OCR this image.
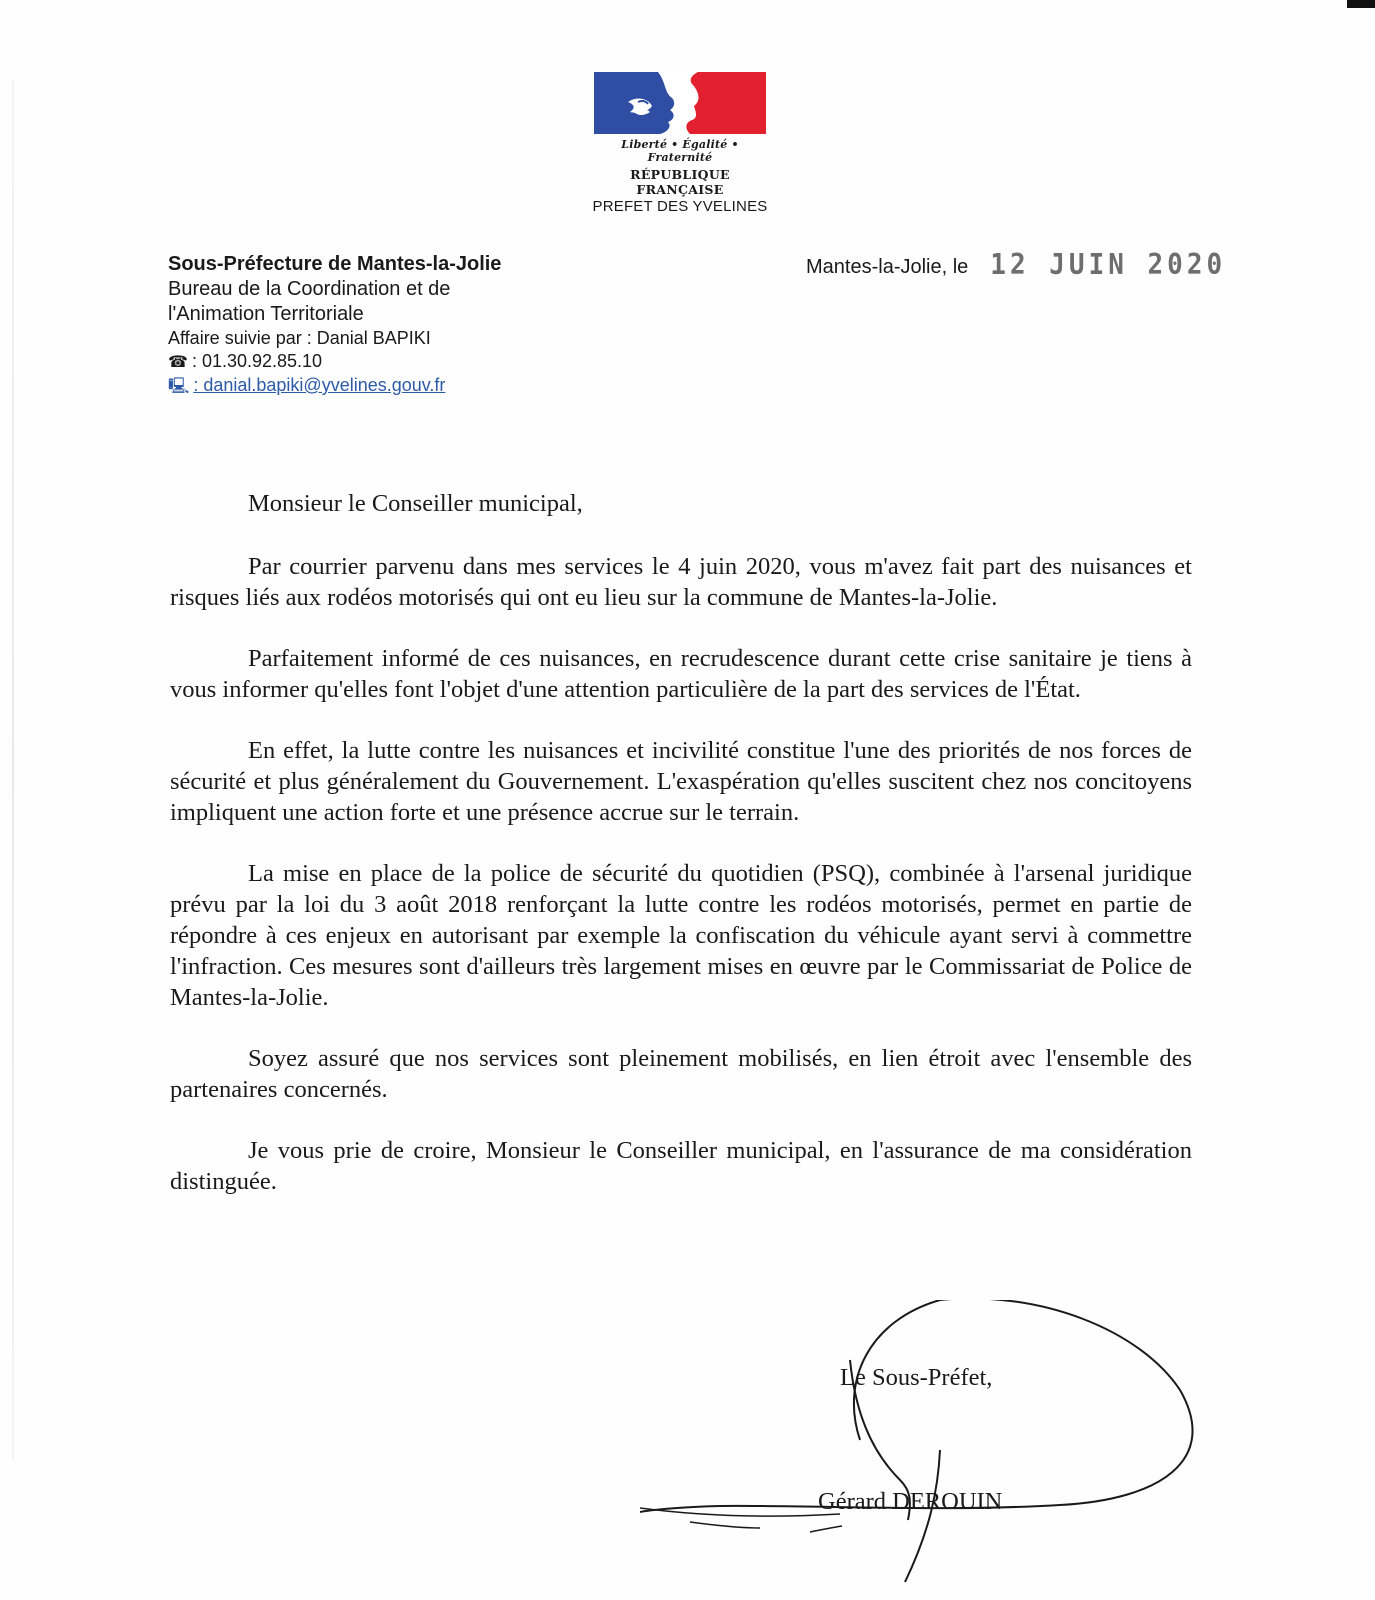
Liberté • Égalité • Fraternité
RÉPUBLIQUE FRANÇAISE
PREFET DES YVELINES
Sous-Préfecture de Mantes-la-Jolie
Bureau de la Coordination et de
l'Animation Territoriale
Affaire suivie par : Danial BAPIKI
☎ : 01.30.92.85.10
🖳 : danial.bapiki@yvelines.gouv.fr
Mantes-la-Jolie, le 12 JUIN 2020

Monsieur le Conseiller municipal,

Par courrier parvenu dans mes services le 4 juin 2020, vous m'avez fait part des nuisances et risques liés aux rodéos motorisés qui ont eu lieu sur la commune de Mantes-la-Jolie.

Parfaitement informé de ces nuisances, en recrudescence durant cette crise sanitaire je tiens à vous informer qu'elles font l'objet d'une attention particulière de la part des services de l'État.

En effet, la lutte contre les nuisances et incivilité constitue l'une des priorités de nos forces de sécurité et plus généralement du Gouvernement. L'exaspération qu'elles suscitent chez nos concitoyens impliquent une action forte et une présence accrue sur le terrain.

La mise en place de la police de sécurité du quotidien (PSQ), combinée à l'arsenal juridique prévu par la loi du 3 août 2018 renforçant la lutte contre les rodéos motorisés, permet en partie de répondre à ces enjeux en autorisant par exemple la confiscation du véhicule ayant servi à commettre l'infraction. Ces mesures sont d'ailleurs très largement mises en œuvre par le Commissariat de Police de Mantes-la-Jolie.

Soyez assuré que nos services sont pleinement mobilisés, en lien étroit avec l'ensemble des partenaires concernés.

Je vous prie de croire, Monsieur le Conseiller municipal, en l'assurance de ma considération distinguée.

Le Sous-Préfet,
Gérard DEROUIN
